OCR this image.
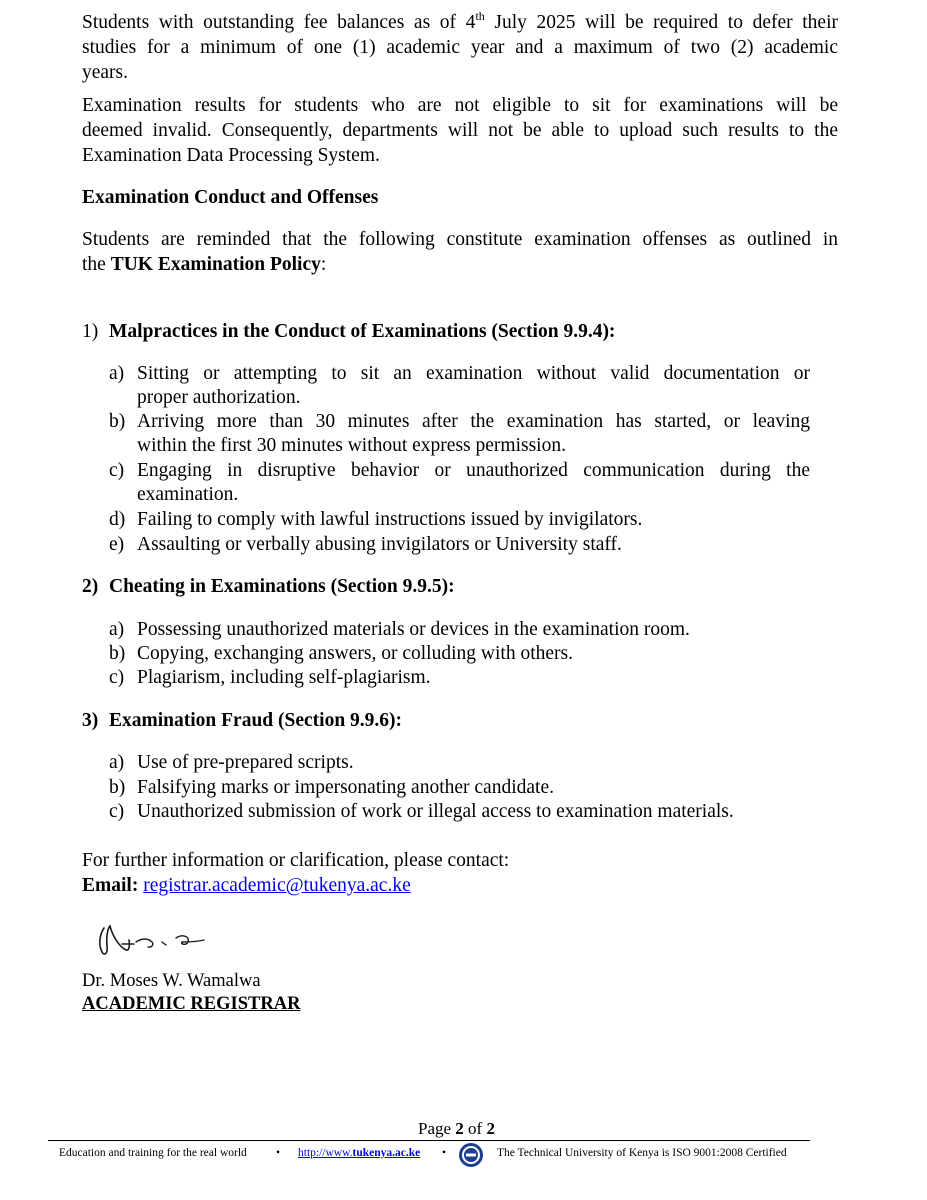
Students with outstanding fee balances as of 4th July 2025 will be required to defer their
studies for a minimum of one (1) academic year and a maximum of two (2) academic
years.
Examination results for students who are not eligible to sit for examinations will be
deemed invalid. Consequently, departments will not be able to upload such results to the
Examination Data Processing System.
Examination Conduct and Offenses
Students are reminded that the following constitute examination offenses as outlined in
the TUK Examination Policy:
1) Malpractices in the Conduct of Examinations (Section 9.9.4):
a) Sitting or attempting to sit an examination without valid documentation or
proper authorization.
b) Arriving more than 30 minutes after the examination has started, or leaving
within the first 30 minutes without express permission.
c) Engaging in disruptive behavior or unauthorized communication during the
examination.
d) Failing to comply with lawful instructions issued by invigilators.
e) Assaulting or verbally abusing invigilators or University staff.
2) Cheating in Examinations (Section 9.9.5):
a) Possessing unauthorized materials or devices in the examination room.
b) Copying, exchanging answers, or colluding with others.
c) Plagiarism, including self-plagiarism.
3) Examination Fraud (Section 9.9.6):
a) Use of pre-prepared scripts.
b) Falsifying marks or impersonating another candidate.
c) Unauthorized submission of work or illegal access to examination materials.
For further information or clarification, please contact:
Email: registrar.academic@tukenya.ac.ke
Dr. Moses W. Wamalwa
ACADEMIC REGISTRAR
Page 2 of 2
Education and training for the real world	• http://www.tukenya.ac.ke •	The Technical University of Kenya is ISO 9001:2008 Certified
